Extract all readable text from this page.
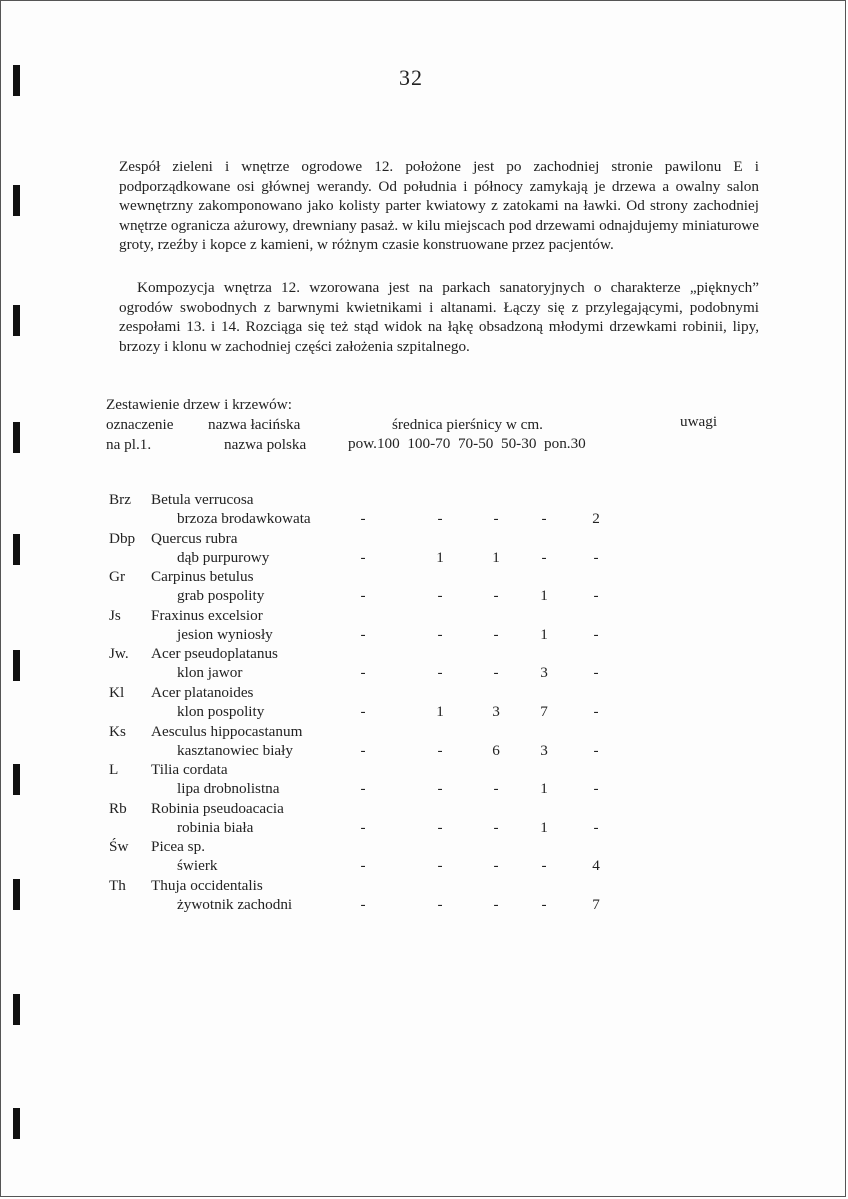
32
Zespół zieleni i wnętrze ogrodowe 12. położone jest po zachodniej stronie pawilonu E i podporządkowane osi głównej werandy. Od południa i północy zamykają je drzewa a owalny salon wewnętrzny zakomponowano jako kolisty parter kwiatowy z zatokami na ławki. Od strony zachodniej wnętrze ogranicza ażurowy, drewniany pasaż. w kilu miejscach pod drzewami odnajdujemy miniaturowe groty, rzeźby i kopce z kamieni, w różnym czasie konstruowane przez pacjentów.
Kompozycja wnętrza 12. wzorowana jest na parkach sanatoryjnych o charakterze „pięknych” ogrodów swobodnych z barwnymi kwietnikami i altanami. Łączy się z przylegającymi, podobnymi zespołami 13. i 14. Rozciąga się też stąd widok na łąkę obsadzoną młodymi drzewkami robinii, lipy, brzozy i klonu w zachodniej części założenia szpitalnego.
Zestawienie drzew i krzewów:
oznaczenie nazwa łacińska	średnica pierśnicy w cm.	uwagi
na pl.1.	nazwa polska	pow.100  100-70  70-50  50-30  pon.30
Brz Betula verrucosa
brzoza brodawkowata	-	-	-	-	2
Dbp Quercus rubra
dąb purpurowy	-	1	1	-	-
Gr Carpinus betulus
grab pospolity	-	-	-	1	-
Js Fraxinus excelsior
jesion wyniosły	-	-	-	1	-
Jw. Acer pseudoplatanus
klon jawor	-	-	-	3	-
Kl Acer platanoides
klon pospolity	-	1	3	7	-
Ks Aesculus hippocastanum
kasztanowiec biały	-	-	6	3	-
L Tilia cordata
lipa drobnolistna	-	-	-	1	-
Rb Robinia pseudoacacia
robinia biała	-	-	-	1	-
Św Picea sp.
świerk	-	-	-	-	4
Th Thuja occidentalis
żywotnik zachodni	-	-	-	-	7
